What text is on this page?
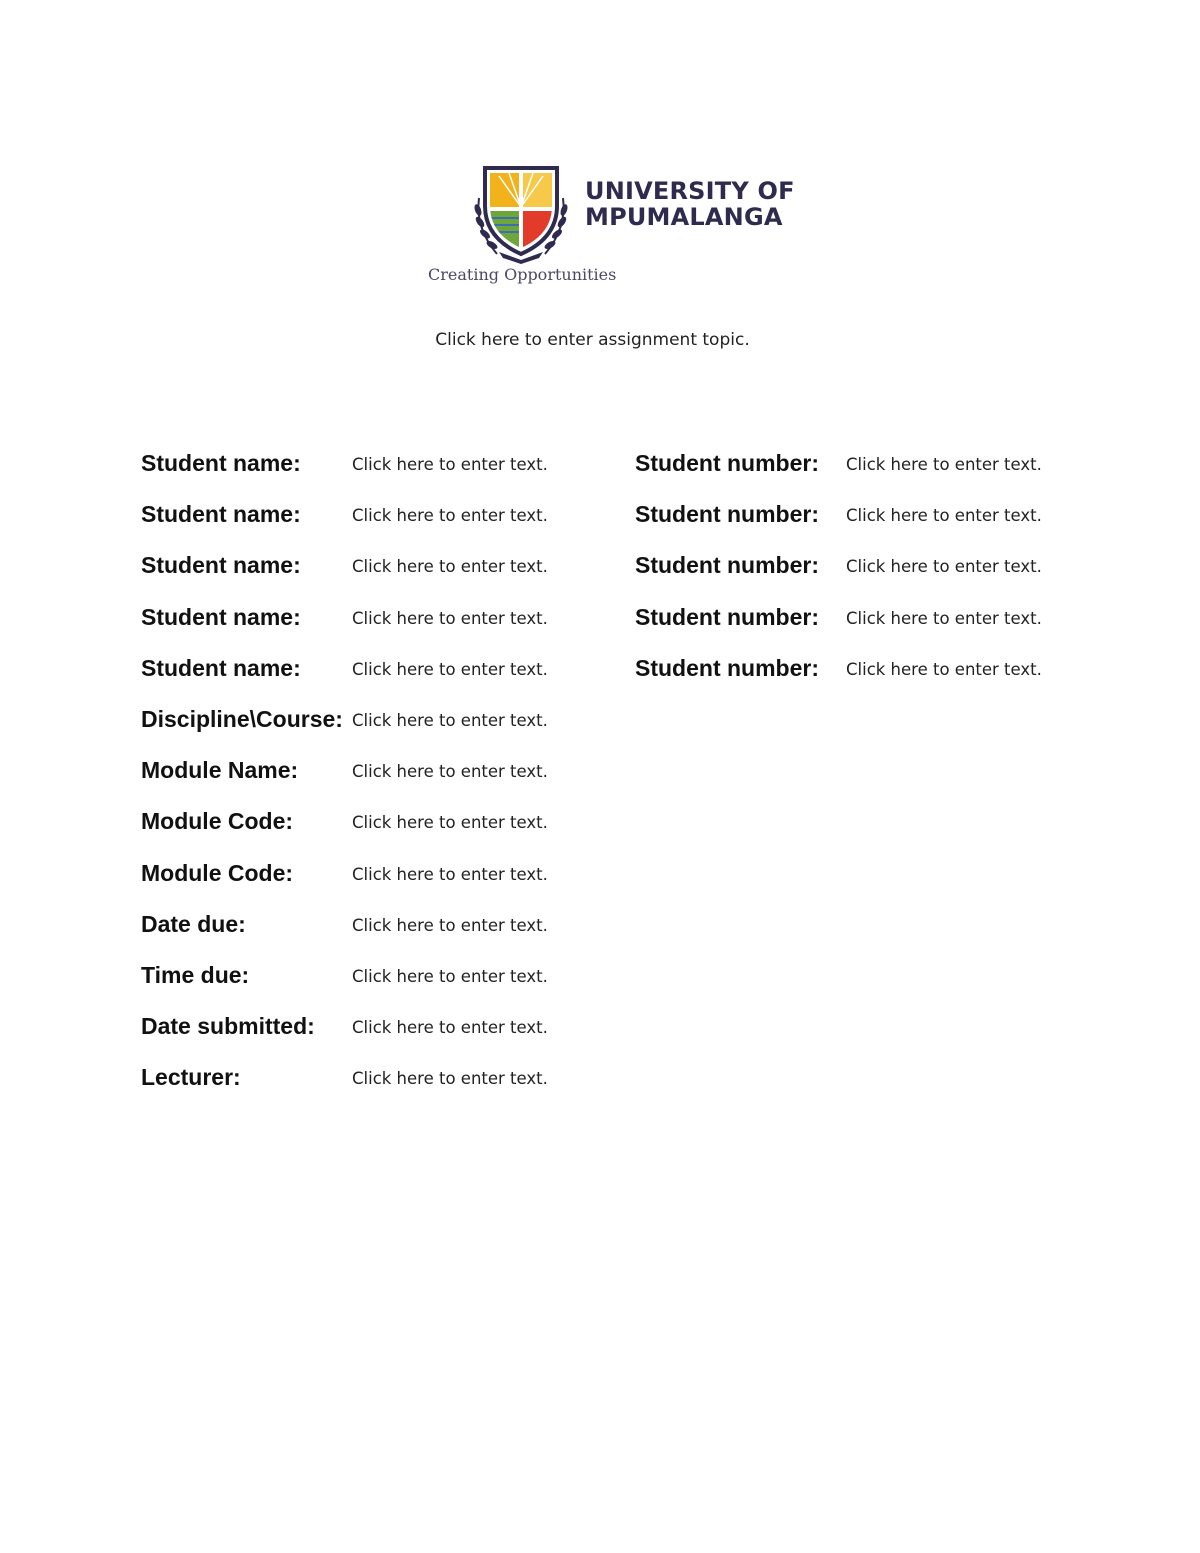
UNIVERSITY OF
MPUMALANGA
Creating Opportunities
Click here to enter assignment topic.
Student name:	Click here to enter text.	Student number: Click here to enter text.
Student name:	Click here to enter text.	Student number: Click here to enter text.
Student name:	Click here to enter text.	Student number: Click here to enter text.
Student name:	Click here to enter text.	Student number: Click here to enter text.
Student name:	Click here to enter text.	Student number: Click here to enter text.
Discipline\Course: Click here to enter text.
Module Name:	Click here to enter text.
Module Code:	Click here to enter text.
Module Code:	Click here to enter text.
Date due:	Click here to enter text.
Time due:	Click here to enter text.
Date submitted: Click here to enter text.
Lecturer:	Click here to enter text.
